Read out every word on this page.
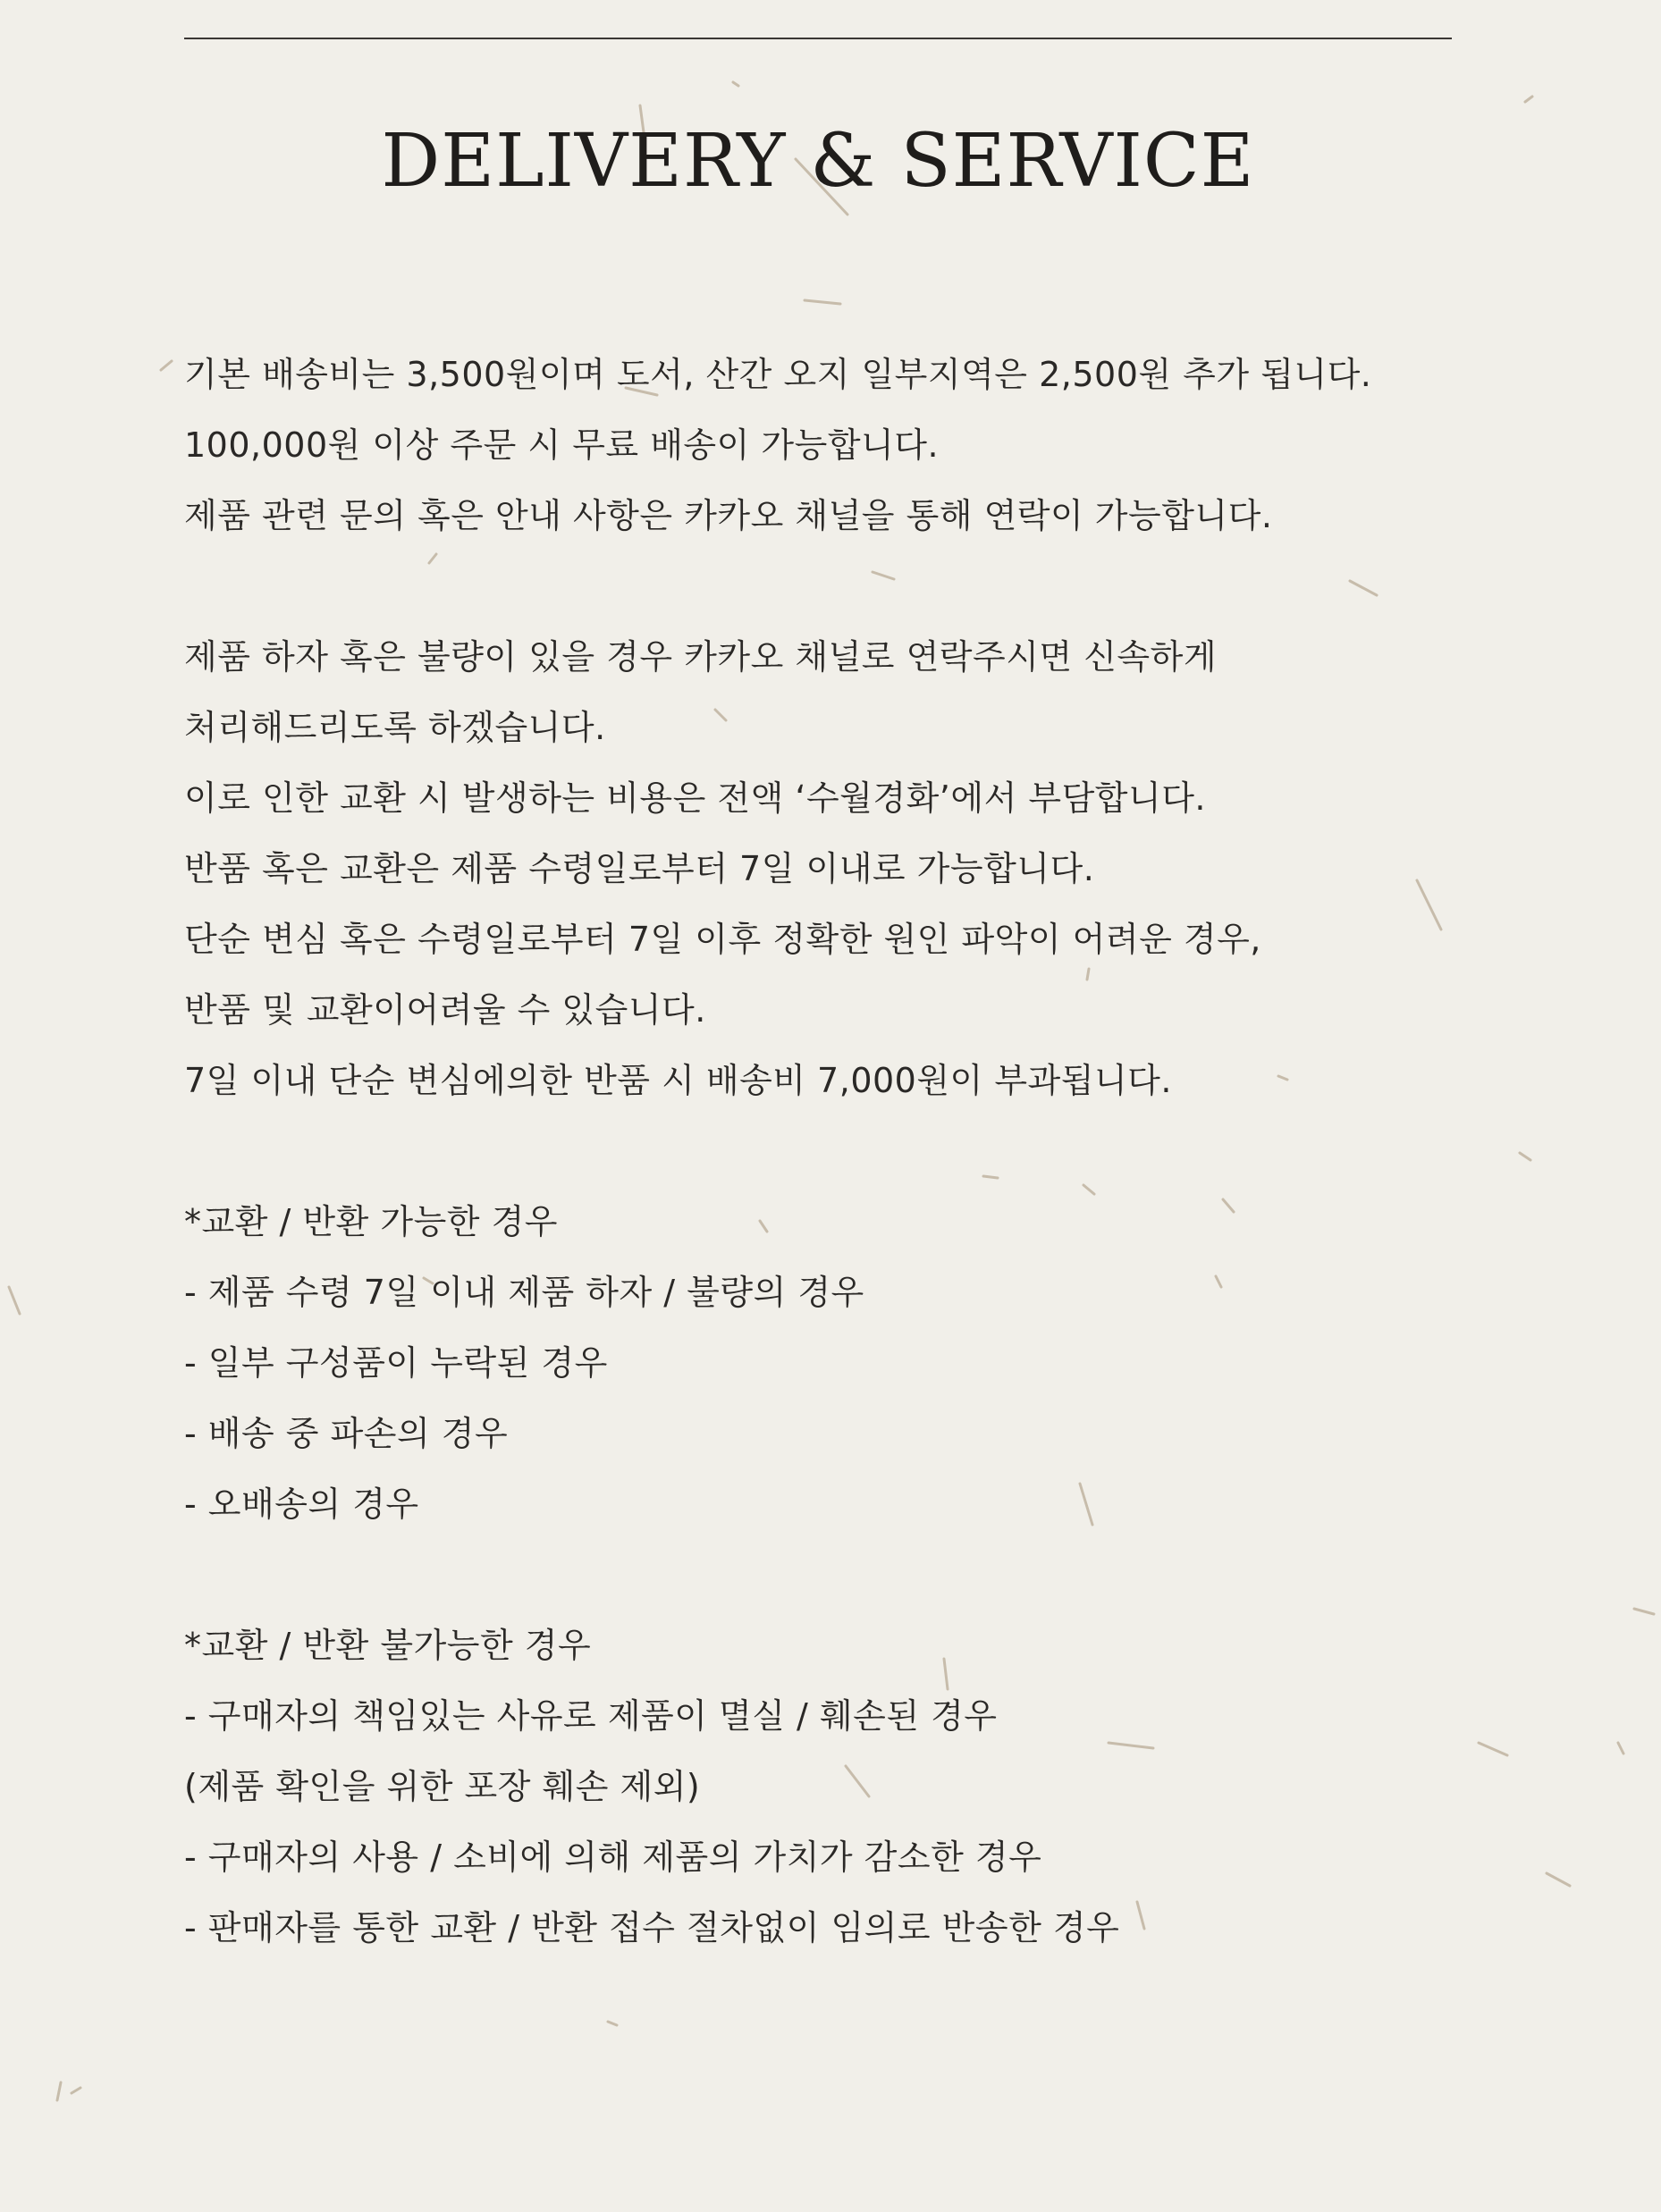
DELIVERY & SERVICE
기본 배송비는 3,500원이며 도서, 산간 오지 일부지역은 2,500원 추가 됩니다.
100,000원 이상 주문 시 무료 배송이 가능합니다.
제품 관련 문의 혹은 안내 사항은 카카오 채널을 통해 연락이 가능합니다.
제품 하자 혹은 불량이 있을 경우 카카오 채널로 연락주시면 신속하게
처리해드리도록 하겠습니다.
이로 인한 교환 시 발생하는 비용은 전액 ‘수월경화’에서 부담합니다.
반품 혹은 교환은 제품 수령일로부터 7일 이내로 가능합니다.
단순 변심 혹은 수령일로부터 7일 이후 정확한 원인 파악이 어려운 경우,
반품 및 교환이어려울 수 있습니다.
7일 이내 단순 변심에의한 반품 시 배송비 7,000원이 부과됩니다.
*교환 / 반환 가능한 경우
- 제품 수령 7일 이내 제품 하자 / 불량의 경우
- 일부 구성품이 누락된 경우
- 배송 중 파손의 경우
- 오배송의 경우
*교환 / 반환 불가능한 경우
- 구매자의 책임있는 사유로 제품이 멸실 / 훼손된 경우
(제품 확인을 위한 포장 훼손 제외)
- 구매자의 사용 / 소비에 의해 제품의 가치가 감소한 경우
- 판매자를 통한 교환 / 반환 접수 절차없이 임의로 반송한 경우
